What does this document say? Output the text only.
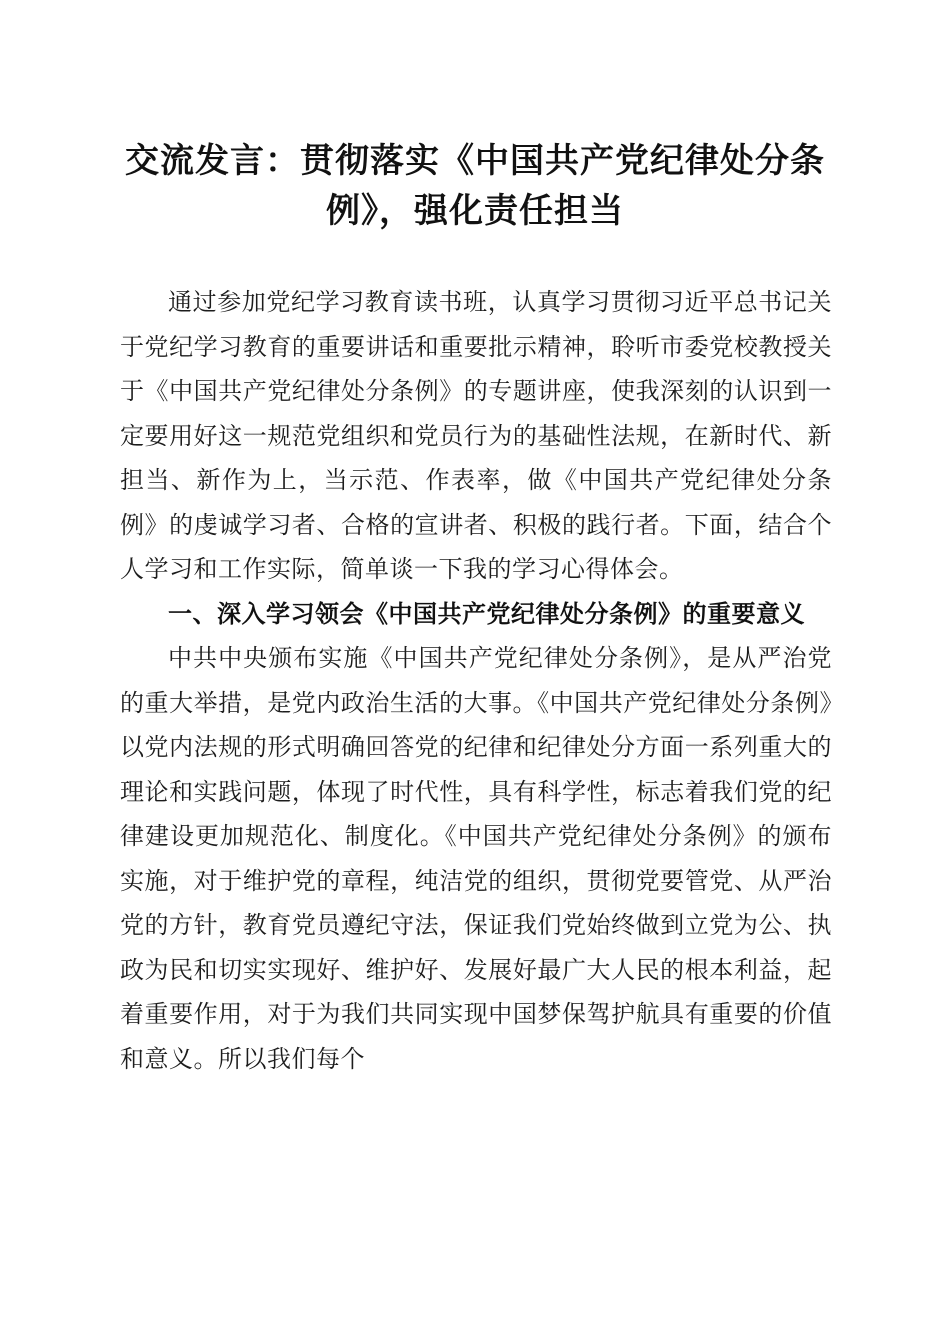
交流发言：贯彻落实《中国共产党纪律处分条例》，强化责任担当

通过参加党纪学习教育读书班，认真学习贯彻习近平总书记关于党纪学习教育的重要讲话和重要批示精神，聆听市委党校教授关于《中国共产党纪律处分条例》的专题讲座，使我深刻的认识到一定要用好这一规范党组织和党员行为的基础性法规，在新时代、新担当、新作为上，当示范、作表率，做《中国共产党纪律处分条例》的虔诚学习者、合格的宣讲者、积极的践行者。下面，结合个人学习和工作实际，简单谈一下我的学习心得体会。

一、深入学习领会《中国共产党纪律处分条例》的重要意义

中共中央颁布实施《中国共产党纪律处分条例》，是从严治党的重大举措，是党内政治生活的大事。《中国共产党纪律处分条例》以党内法规的形式明确回答党的纪律和纪律处分方面一系列重大的理论和实践问题，体现了时代性，具有科学性，标志着我们党的纪律建设更加规范化、制度化。《中国共产党纪律处分条例》的颁布实施，对于维护党的章程，纯洁党的组织，贯彻党要管党、从严治党的方针，教育党员遵纪守法，保证我们党始终做到立党为公、执政为民和切实实现好、维护好、发展好最广大人民的根本利益，起着重要作用，对于为我们共同实现中国梦保驾护航具有重要的价值和意义。所以我们每个
